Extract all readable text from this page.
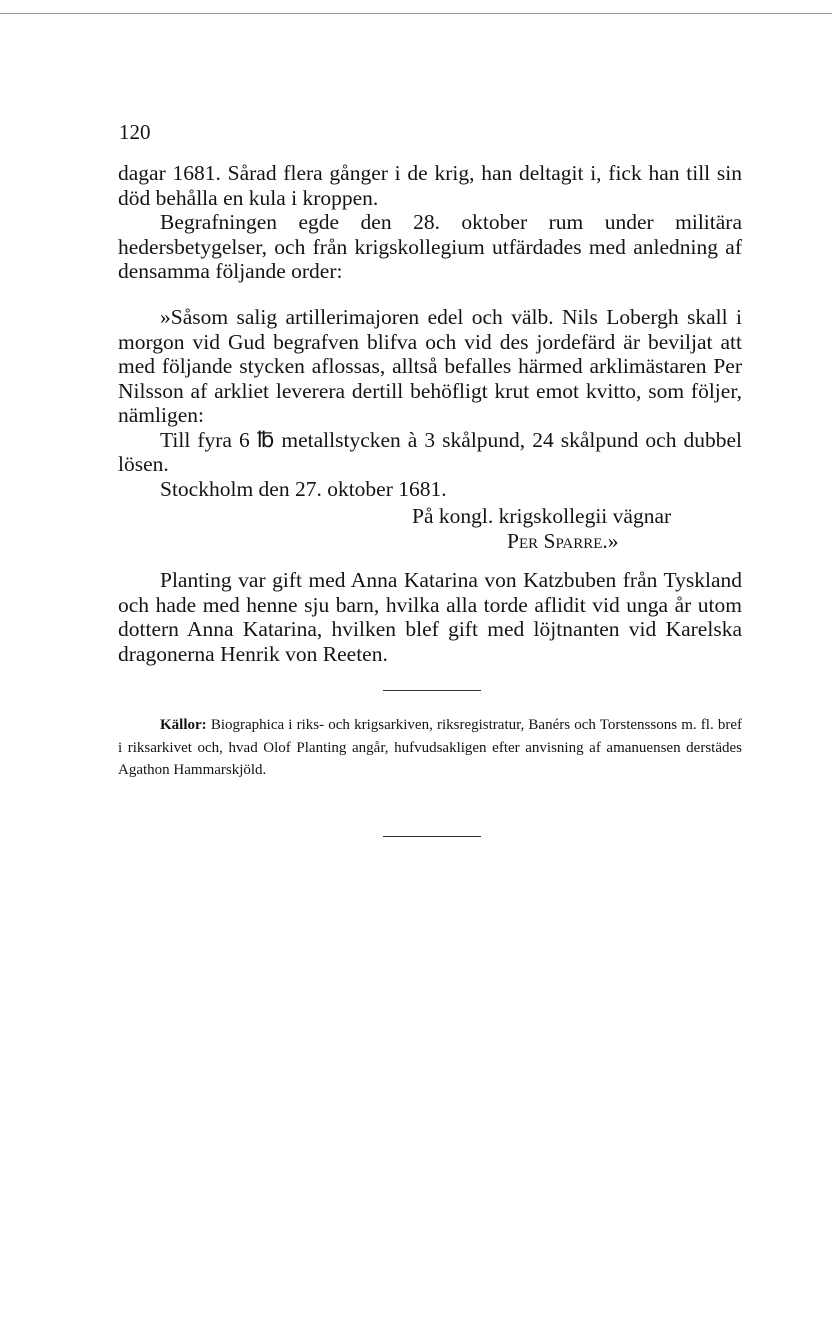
120

dagar 1681. Sårad flera gånger i de krig, han deltagit i, fick han till sin död behålla en kula i kroppen.

Begrafningen egde den 28. oktober rum under militära hedersbetygelser, och från krigskollegium utfärdades med anledning af densamma följande order:

»Såsom salig artillerimajoren edel och välb. Nils Lobergh skall i morgon vid Gud begrafven blifva och vid des jordefärd är beviljat att med följande stycken aflossas, alltså befalles härmed arklimästaren Per Nilsson af arkliet leverera dertill behöfligt krut emot kvitto, som följer, nämligen:

Till fyra 6 ℔ metallstycken à 3 skålpund, 24 skålpund och dubbel lösen.

Stockholm den 27. oktober 1681.

På kongl. krigskollegii vägnar
Per Sparre.»

Planting var gift med Anna Katarina von Katzbuben från Tyskland och hade med henne sju barn, hvilka alla torde aflidit vid unga år utom dottern Anna Katarina, hvilken blef gift med löjtnanten vid Karelska dragonerna Henrik von Reeten.

Källor: Biographica i riks- och krigsarkiven, riksregistratur, Banérs och Torstenssons m. fl. bref i riksarkivet och, hvad Olof Planting angår, hufvudsakligen efter anvisning af amanuensen derstädes Agathon Hammarskjöld.
